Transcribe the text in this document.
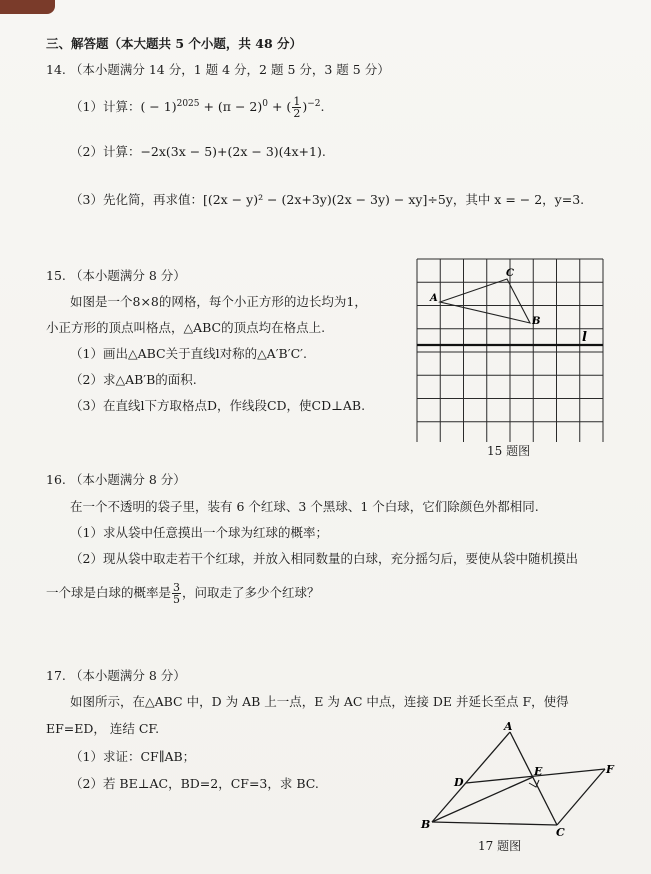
三、解答题（本大题共 5 个小题，共 48 分）
14. （本小题满分 14 分，1 题 4 分，2 题 5 分，3 题 5 分）
（1）计算：( − $1)^{2025} + (\pi - 2)^0$ + ( $\frac{1}{2} )^{-2}$.
（2）计算：−2x(3x − 5)+(2x − 3)(4x+1).
（3）先化简，再求值：[(2x − y)² − (2x+3y)(2x − 3y) − xy]÷5y，其中 x = − 2，y=3.
15. （本小题满分 8 分）
如图是一个8×8的网格，每个小正方形的边长均为1，
小正方形的顶点叫格点，△ABC的顶点均在格点上.
（1）画出△ABC关于直线l对称的△A′B′C′.
（2）求△AB′B的面积.
（3）在直线l下方取格点D，作线段CD，使CD⊥AB.
A
C
B
l
15 题图
16. （本小题满分 8 分）
在一个不透明的袋子里，装有 6 个红球、3 个黑球、1 个白球，它们除颜色外都相同.
（1）求从袋中任意摸出一个球为红球的概率；
（2）现从袋中取走若干个红球，并放入相同数量的白球，充分摇匀后，要使从袋中随机摸出
一个球是白球的概率是 $\frac{3}{5}$ ，问取走了多少个红球？
17. （本小题满分 8 分）
如图所示，在△ABC 中，D 为 AB 上一点，E 为 AC 中点，连接 DE 并延长至点 F，使得
EF=ED， 连结 CF.
（1）求证：CF∥AB；
（2）若 BE⊥AC，BD=2，CF=3，求 BC.
A
B
C
D
E	F
17 题图
